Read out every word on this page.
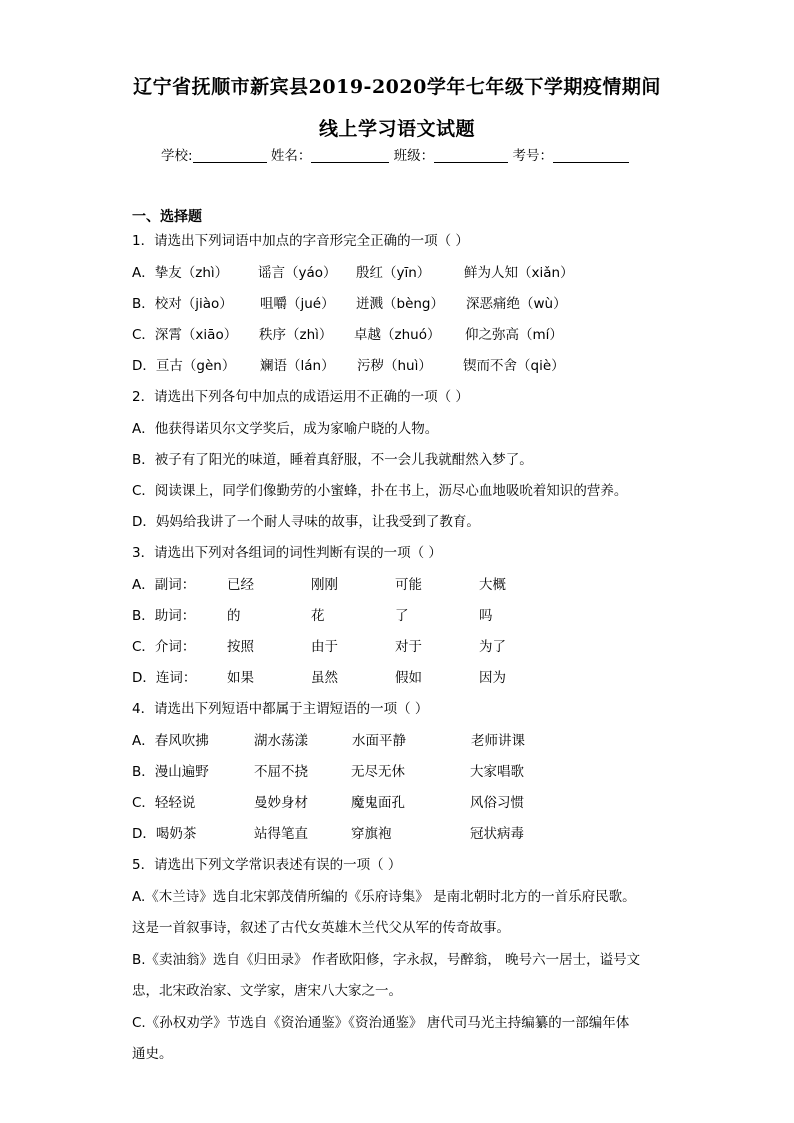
辽宁省抚顺市新宾县2019-2020学年七年级下学期疫情期间
线上学习语文试题
学校:	姓名：	班级：	考号：
一、选择题
1．请选出下列词语中加点的字音形完全正确的一项（ ）
A．挚友（zhì） 谣言（yáo） 殷红（yīn） 鲜为人知（xiǎn）
B．校对（jiào） 咀嚼（jué） 迸溅（bèng） 深恶痛绝（wù）
C．深霄（xiāo） 秩序（zhì） 卓越（zhuó） 仰之弥高（mí）
D．亘古（gèn） 斓语（lán） 污秽（huì） 锲而不舍（qiè）
2．请选出下列各句中加点的成语运用不正确的一项（ ）
A．他获得诺贝尔文学奖后，成为家喻户晓的人物。
B．被子有了阳光的味道，睡着真舒服，不一会儿我就酣然入梦了。
C．阅读课上，同学们像勤劳的小蜜蜂，扑在书上，沥尽心血地吸吮着知识的营养。
D．妈妈给我讲了一个耐人寻味的故事，让我受到了教育。
3．请选出下列对各组词的词性判断有误的一项（ ）
A．副词： 已经	刚刚	可能	大概
B．助词： 的	花	了	吗
C．介词： 按照	由于	对于	为了
D．连词： 如果	虽然	假如	因为
4．请选出下列短语中都属于主谓短语的一项（ ）
A．春风吹拂	湖水荡漾	水面平静	老师讲课
B．漫山遍野	不屈不挠	无尽无休	大家唱歌
C．轻轻说	曼妙身材	魔鬼面孔	风俗习惯
D．喝奶茶	站得笔直	穿旗袍	冠状病毒
5．请选出下列文学常识表述有误的一项（ ）
A.《木兰诗》选自北宋郭茂倩所编的《乐府诗集》 是南北朝时北方的一首乐府民歌。
这是一首叙事诗，叙述了古代女英雄木兰代父从军的传奇故事。
B.《卖油翁》选自《归田录》 作者欧阳修，字永叔，号醉翁， 晚号六一居士，谥号文
忠，北宋政治家、文学家，唐宋八大家之一。
C.《孙权劝学》节选自《资治通鉴》《资治通鉴》 唐代司马光主持编纂的一部编年体
通史。
